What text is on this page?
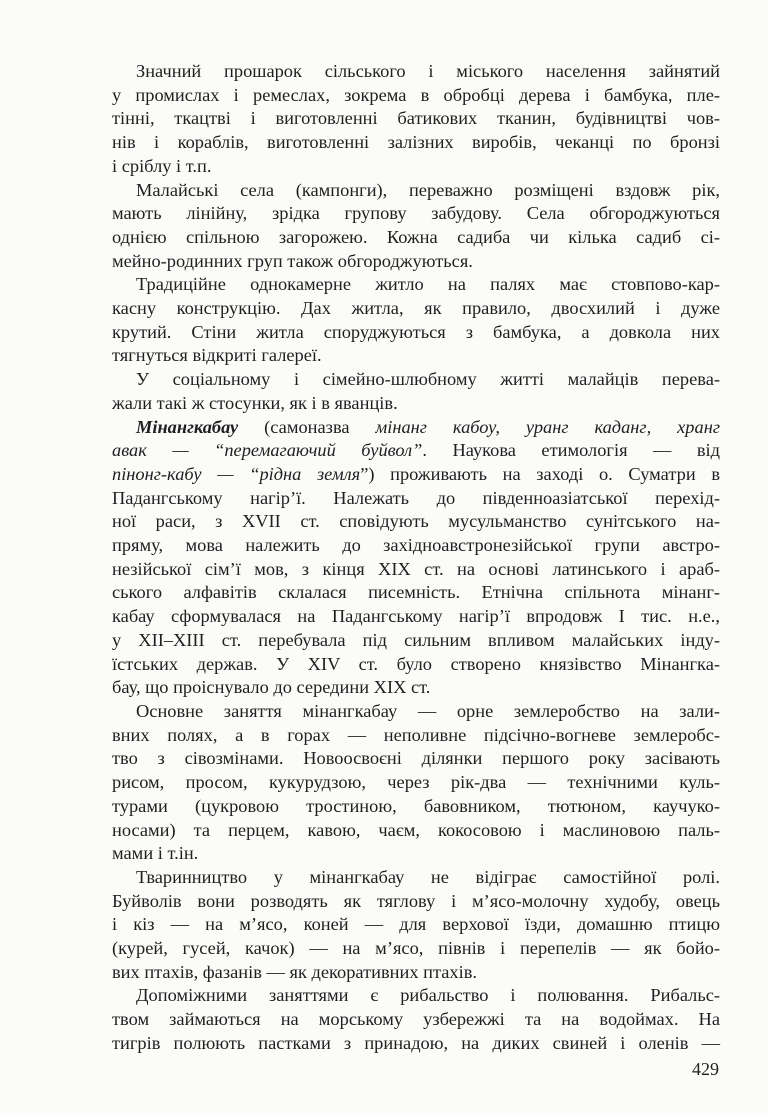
Значний прошарок сільського і міського населення зайнятий
у промислах і ремеслах, зокрема в обробці дерева і бамбука, пле-
тінні, ткацтві і виготовленні батикових тканин, будівництві чов-
нів і кораблів, виготовленні залізних виробів, чеканці по бронзі
і сріблу і т.п.

Малайські села (кампонги), переважно розміщені вздовж рік,
мають лінійну, зрідка групову забудову. Села обгороджуються
однією спільною загорожею. Кожна садиба чи кілька садиб сі-
мейно-родинних груп також обгороджуються.

Традиційне однокамерне житло на палях має стовпово-кар-
касну конструкцію. Дах житла, як правило, двосхилий і дуже
крутий. Стіни житла споруджуються з бамбука, а довкола них
тягнуться відкриті галереї.

У соціальному і сімейно-шлюбному житті малайців перева-
жали такі ж стосунки, як і в яванців.

Мінангкабау (самоназва мінанг кабоу, уранг каданг, хранг
авак — “перемагаючий буйвол”. Наукова етимологія — від
пінонг-кабу — “рідна земля”) проживають на заході о. Суматри в
Падангському нагір’ї. Належать до південноазіатської перехід-
ної раси, з XVII ст. сповідують мусульманство сунітського на-
пряму, мова належить до західноавстронезійської групи австро-
незійської сім’ї мов, з кінця XIX ст. на основі латинського і араб-
ського алфавітів склалася писемність. Етнічна спільнота мінанг-
кабау сформувалася на Падангському нагір’ї впродовж I тис. н.е.,
у XII–XIII ст. перебувала під сильним впливом малайських інду-
їстських держав. У XIV ст. було створено князівство Мінангка-
бау, що проіснувало до середини XIX ст.

Основне заняття мінангкабау — орне землеробство на зали-
вних полях, а в горах — неполивне підсічно-вогневе землеробс-
тво з сівозмінами. Новоосвоєні ділянки першого року засівають
рисом, просом, кукурудзою, через рік-два — технічними куль-
турами (цукровою тростиною, бавовником, тютюном, каучуко-
носами) та перцем, кавою, чаєм, кокосовою і маслиновою паль-
мами і т.ін.

Тваринництво у мінангкабау не відіграє самостійної ролі.
Буйволів вони розводять як тяглову і м’ясо-молочну худобу, овець
і кіз — на м’ясо, коней — для верхової їзди, домашню птицю
(курей, гусей, качок) — на м’ясо, півнів і перепелів — як бойо-
вих птахів, фазанів — як декоративних птахів.

Допоміжними заняттями є рибальство і полювання. Рибальс-
твом займаються на морському узбережжі та на водоймах. На
тигрів полюють пастками з принадою, на диких свиней і оленів —

429
